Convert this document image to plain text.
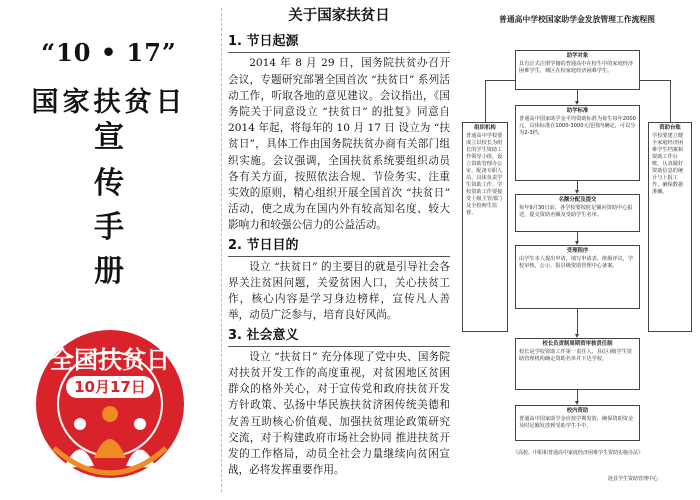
“10 • 17”
国家扶贫日
宣
传
手
册
全国扶贫日
10月17日
关于国家扶贫日
1. 节日起源

2014 年 8 月 29 日，国务院扶贫办召开会议，专题研究部署全国首次 “扶贫日” 系列活动工作，听取各地的意见建议。会议指出，《国务院关于同意设立 “扶贫日” 的批复》同意自 2014 年起，将每年的 10 月 17 日 设立为 “扶贫日”，具体工作由国务院扶贫办商有关部门组织实施。会议强调，全国扶贫系统要组织动员各有关方面，按照依法合规、节俭务实、注重实效的原则，精心组织开展全国首次 “扶贫日” 活动，使之成为在国内外有较高知名度、较大影响力和较强公信力的公益活动。

2. 节日目的

设立 “扶贫日” 的主要目的就是引导社会各界关注贫困问题，关爱贫困人口，关心扶贫工作，核心内容是学习身边榜样，宣传凡人善举，动员广泛参与，培育良好风尚。

3. 社会意义

设立 “扶贫日” 充分体现了党中央、国务院对扶贫开发工作的高度重视，对贫困地区贫困群众的格外关心，对于宣传党和政府扶贫开发方针政策、弘扬中华民族扶贫济困传统美德和友善互助核心价值观、加强扶贫理论政策研究交流，对于构建政府市场社会协同 推进扶贫开发的工作格局，动员全社会力量继续向贫困宣战，必将发挥重要作用。

普通高中学校国家助学金发放管理工作流程图
组织机构
普通高中学校要成立以校长为组长的学生资助工作领导小组，设立资助管理办公室，配备专职人员，具体负责学生资助工作。学校资助工作要接受上级主管部门及全校师生监督。
资助台账
学校要建立健全家庭经济困难学生档案和资助工作台账，认真做好资助信息的统计与上报工作，确保数据准确。
助学对象
具有正式注册学籍的普通高中在校生中的家庭经济困难学生，城区在校家庭经济困难学生。
助学标准
普通高中国家助学金平均资助标准为每生每年2000元，具体标准在1000-3000元范围内确定，可以分为2-3档。
名额分配及提交
每年9月30日前，各学校要按时足额向资助中心报送，提交资助名额及受助学生名单。
受理程序
由学生本人提出申请，填写申请表，班级评议，学校审核，公示，报县级资助管理中心备案。
校长负责制周期资审核责任制
校长是学校资助工作第一责任人，县(区)级学生资助管理机构确定资助名单并下达学校。
校内资助
普通高中国家助学金应按学期发放，确保资助资金及时足额发放到受助学生手中。
《高校、中职和普通高中家庭经济困难学生资助实施办法》
涟县学生资助管理中心
